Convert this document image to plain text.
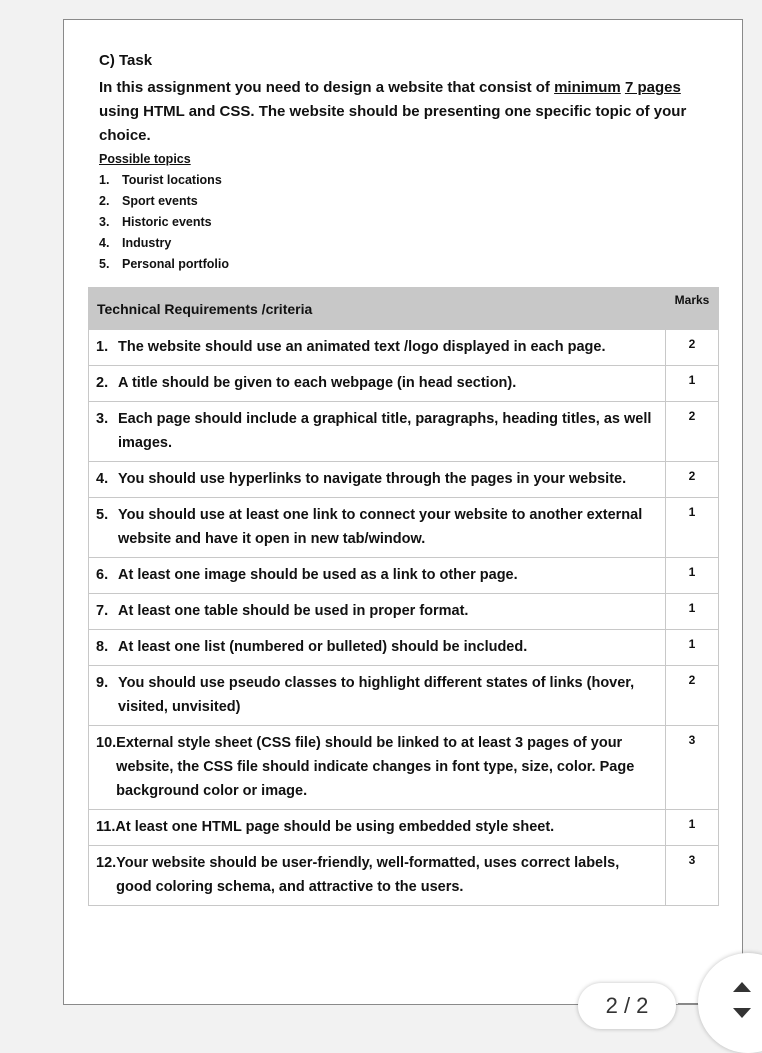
C) Task

In this assignment you need to design a website that consist of minimum 7 pages using HTML and CSS. The website should be presenting one specific topic of your choice.

Possible topics
1.	Tourist locations
2.	Sport events
3.	Historic events
4.	Industry
5.	Personal portfolio
Technical Requirements /criteria	Marks

1. The website should use an animated text /logo displayed in each page.	2

2. A title should be given to each webpage (in head section).	1

3. Each page should include a graphical title, paragraphs, heading titles, as well images.	2

4. You should use hyperlinks to navigate through the pages in your website.	2

5. You should use at least one link to connect your website to another external website and have it open in new tab/window.	1

6. At least one image should be used as a link to other page.	1

7. At least one table should be used in proper format.	1

8. At least one list (numbered or bulleted) should be included.	1

9. You should use pseudo classes to highlight different states of links (hover, visited, unvisited)	2

10. External style sheet (CSS file) should be linked to at least 3 pages of your website, the CSS file should indicate changes in font type, size, color. Page background color or image.	3

11. At least one HTML page should be using embedded style sheet.	1

12. Your website should be user-friendly, well-formatted, uses correct labels, good coloring schema, and attractive to the users.	3
2 / 2
